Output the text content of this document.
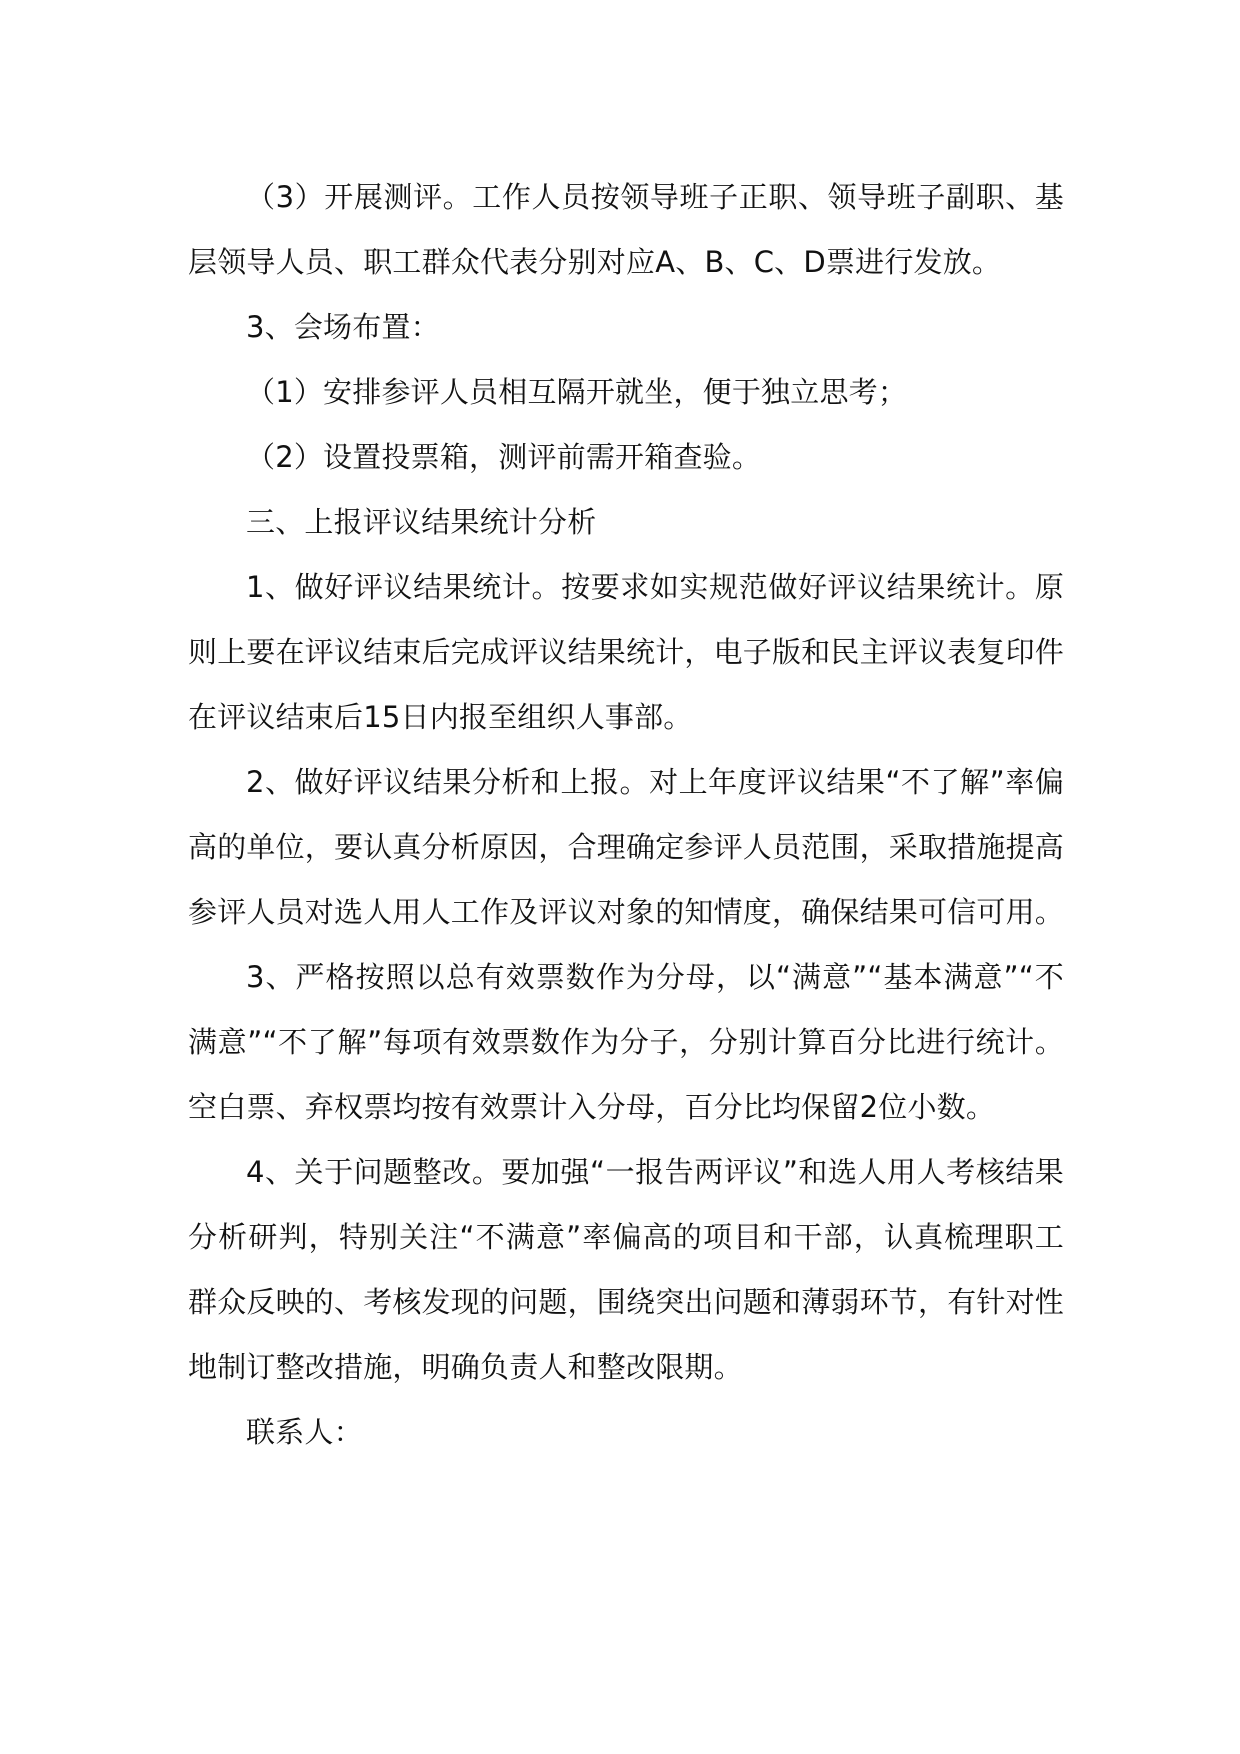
（3）开展测评。工作人员按领导班子正职、领导班子副职、基层领导人员、职工群众代表分别对应A、B、C、D票进行发放。

3、会场布置：

（1）安排参评人员相互隔开就坐，便于独立思考；

（2）设置投票箱，测评前需开箱查验。

三、上报评议结果统计分析

1、做好评议结果统计。按要求如实规范做好评议结果统计。原则上要在评议结束后完成评议结果统计，电子版和民主评议表复印件在评议结束后15日内报至组织人事部。

2、做好评议结果分析和上报。对上年度评议结果“不了解”率偏高的单位，要认真分析原因，合理确定参评人员范围，采取措施提高参评人员对选人用人工作及评议对象的知情度，确保结果可信可用。

3、严格按照以总有效票数作为分母，以“满意”“基本满意”“不满意”“不了解”每项有效票数作为分子，分别计算百分比进行统计。空白票、弃权票均按有效票计入分母，百分比均保留2位小数。

4、关于问题整改。要加强“一报告两评议”和选人用人考核结果分析研判，特别关注“不满意”率偏高的项目和干部，认真梳理职工群众反映的、考核发现的问题，围绕突出问题和薄弱环节，有针对性地制订整改措施，明确负责人和整改限期。

联系人：
